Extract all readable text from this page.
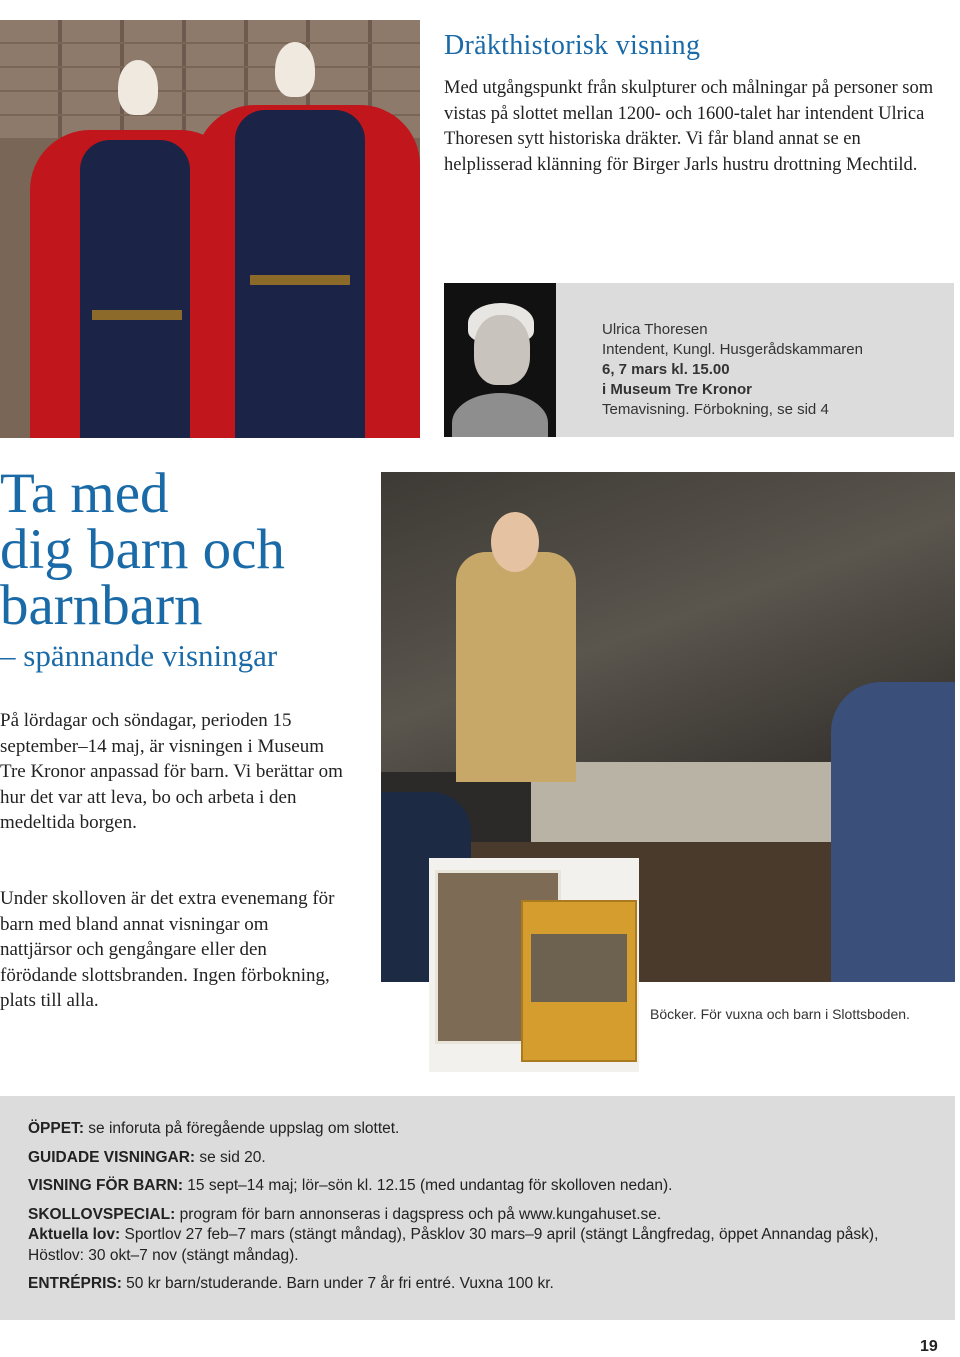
Dräkthistorisk visning

Med utgångspunkt från skulpturer och målningar på personer som vistas på slottet mellan 1200- och 1600-talet har intendent Ulrica Thoresen sytt historiska dräkter. Vi får bland annat se en helplisserad klänning för Birger Jarls hustru drottning Mechtild.

Ulrica Thoresen
Intendent, Kungl. Husgerådskammaren
6, 7 mars kl. 15.00
i Museum Tre Kronor
Temavisning. Förbokning, se sid 4
Ta med
dig barn och
barnbarn
– spännande visningar

På lördagar och söndagar, perioden 15 september–14 maj, är visningen i Museum Tre Kronor anpassad för barn. Vi berättar om hur det var att leva, bo och arbeta i den medeltida borgen.

Under skolloven är det extra evenemang för barn med bland annat visningar om nattjärsor och gengångare eller den förödande slottsbranden. Ingen förbokning, plats till alla.

Böcker. För vuxna och barn i Slottsboden.
ÖPPET: se inforuta på föregående uppslag om slottet.
GUIDADE VISNINGAR: se sid 20.
VISNING FÖR BARN: 15 sept–14 maj; lör–sön kl. 12.15 (med undantag för skolloven nedan).
SKOLLOVSPECIAL: program för barn annonseras i dagspress och på www.kungahuset.se.
Aktuella lov: Sportlov 27 feb–7 mars (stängt måndag), Påsklov 30 mars–9 april (stängt Långfredag, öppet Annandag påsk),
Höstlov: 30 okt–7 nov (stängt måndag).
ENTRÉPRIS: 50 kr barn/studerande. Barn under 7 år fri entré. Vuxna 100 kr.
19
